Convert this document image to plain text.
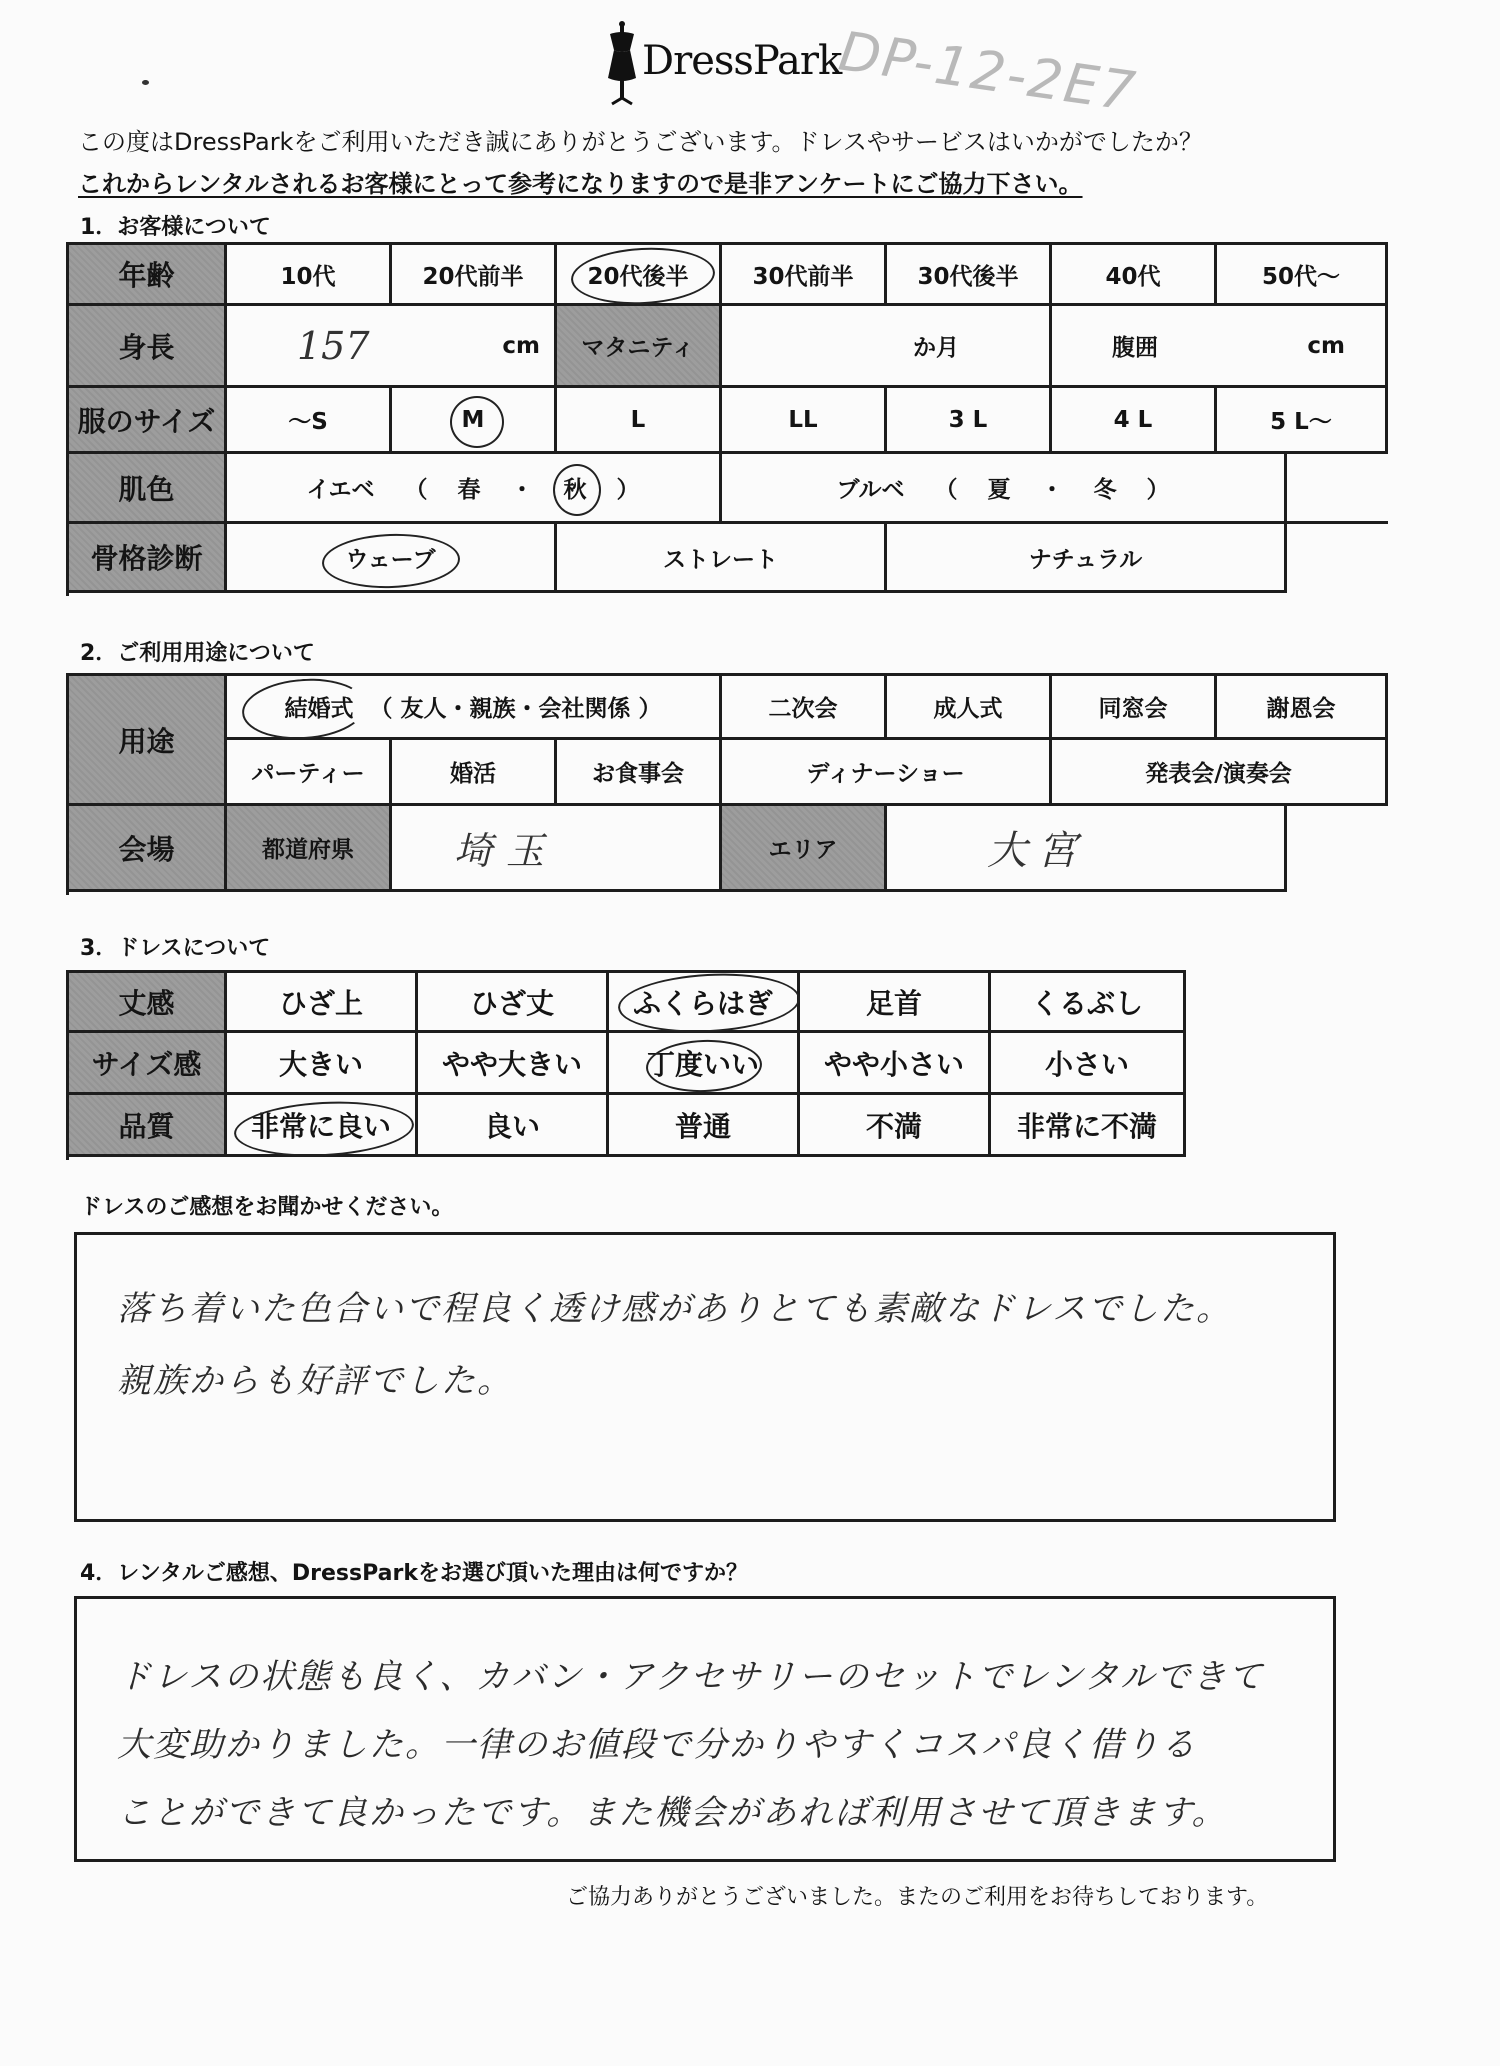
DressPark
DP-12-2E7
この度はDressParkをご利用いただき誠にありがとうございます。ドレスやサービスはいかがでしたか？
これからレンタルされるお客様にとって参考になりますので是非アンケートにご協力下さい。
1．お客様について
年齢	10代	20代前半	20代後半	30代前半	30代後半	40代	50代～
身長	157	cm	マタニティ	か月	腹囲	cm
服のサイズ	～S	M	L	LL	3 L	4 L	5 L～
肌色	イエベ （ 春 ・ 秋 ）	ブルベ （ 夏 ・ 冬 ）
骨格診断	ウェーブ	ストレート	ナチュラル
2．ご利用用途について
用途
結婚式 （ 友人・親族・会社関係 ）	二次会	成人式	同窓会	謝恩会
パーティー	婚活	お食事会	ディナーショー	発表会/演奏会
会場	都道府県	埼玉	エリア	大宮
3．ドレスについて
丈感	ひざ上	ひざ丈	ふくらはぎ	足首	くるぶし
サイズ感	大きい	やや大きい	丁度いい	やや小さい	小さい
品質	非常に良い	良い	普通	不満	非常に不満
ドレスのご感想をお聞かせください。
落ち着いた色合いで程良く透け感がありとても素敵なドレスでした。
親族からも好評でした。
4．レンタルご感想、DressParkをお選び頂いた理由は何ですか？
ドレスの状態も良く、カバン・アクセサリーのセットでレンタルできて
大変助かりました。一律のお値段で分かりやすくコスパ良く借りる
ことができて良かったです。また機会があれば利用させて頂きます。
ご協力ありがとうございました。またのご利用をお待ちしております。
